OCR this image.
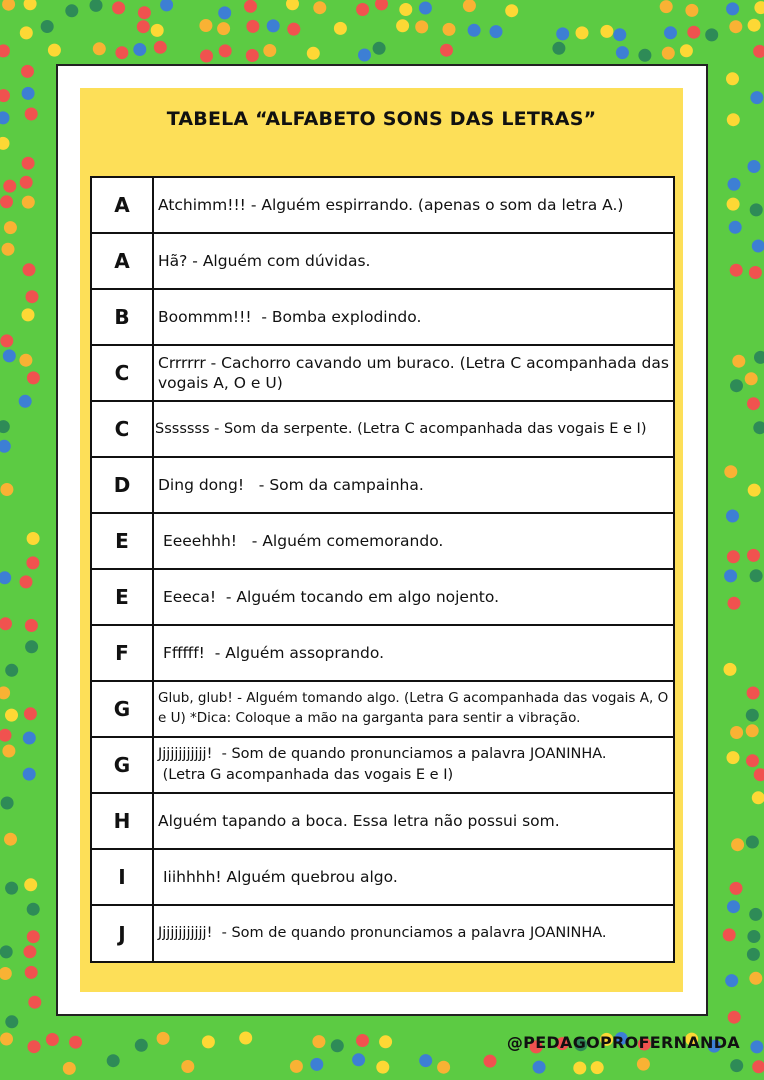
TABELA “ALFABETO SONS DAS LETRAS”
A	Atchimm!!! - Alguém espirrando. (apenas o som da letra A.)
A	Hã? - Alguém com dúvidas.
B	Boommm!!!  - Bomba explodindo.
C	Crrrrrr - Cachorro cavando um buraco. (Letra C acompanhada das vogais A, O e U)
C	Sssssss - Som da serpente. (Letra C acompanhada das vogais E e I)
D	Ding dong!   - Som da campainha.
E	Eeeehhh!   - Alguém comemorando.
E	Eeeca!  - Alguém tocando em algo nojento.
F	Ffffff!  - Alguém assoprando.
G	Glub, glub! - Alguém tomando algo. (Letra G acompanhada das vogais A, O e U) *Dica: Coloque a mão na garganta para sentir a vibração.
G	Jjjjjjjjjjjj!  - Som de quando pronunciamos a palavra JOANINHA.
(Letra G acompanhada das vogais E e I)
H	Alguém tapando a boca. Essa letra não possui som.
I	Iiihhhh! Alguém quebrou algo.
J	Jjjjjjjjjjjj!  - Som de quando pronunciamos a palavra JOANINHA.
@PEDAGOPROFERNANDA
